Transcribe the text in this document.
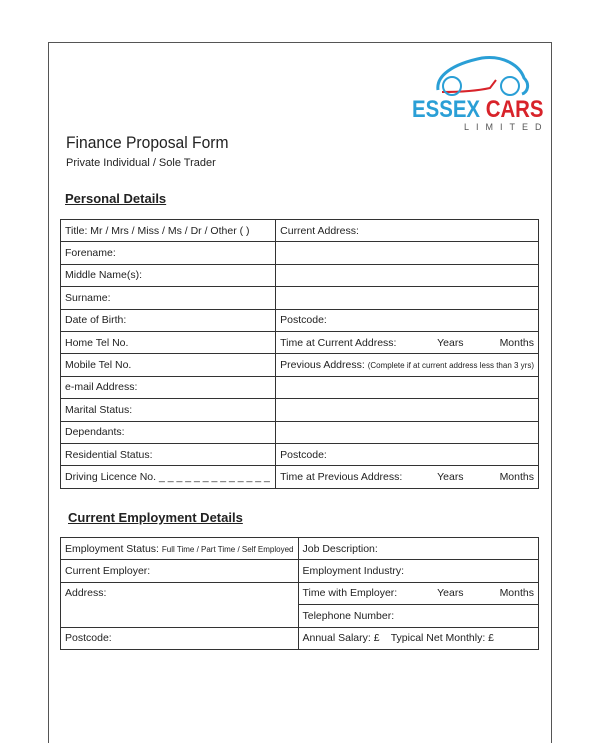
ESSEX CARS
LIMITED
Finance Proposal Form
Private Individual / Sole Trader
Personal Details
Title: Mr / Mrs / Miss / Ms / Dr / Other ( )	Current Address:
Forename:	
Middle Name(s):	
Surname:	
Date of Birth:	Postcode:
Home Tel No.	Time at Current Address: Years Months

Mobile Tel No.	Previous Address: (Complete if at current address less than 3 yrs)
e-mail Address:	
Marital Status:	
Dependants:	
Residential Status:	Postcode:
Driving Licence No. _ _ _ _ _ _ _ _ _ _ _ _ _	Time at Previous Address: Years Months
Current Employment Details
Employment Status: Full Time / Part Time / Self Employed	Job Description:
Current Employer:	Employment Industry:
Address:	Time with Employer: Years Months

	Telephone Number:
Postcode:	Annual Salary: £ Typical Net Monthly: £
